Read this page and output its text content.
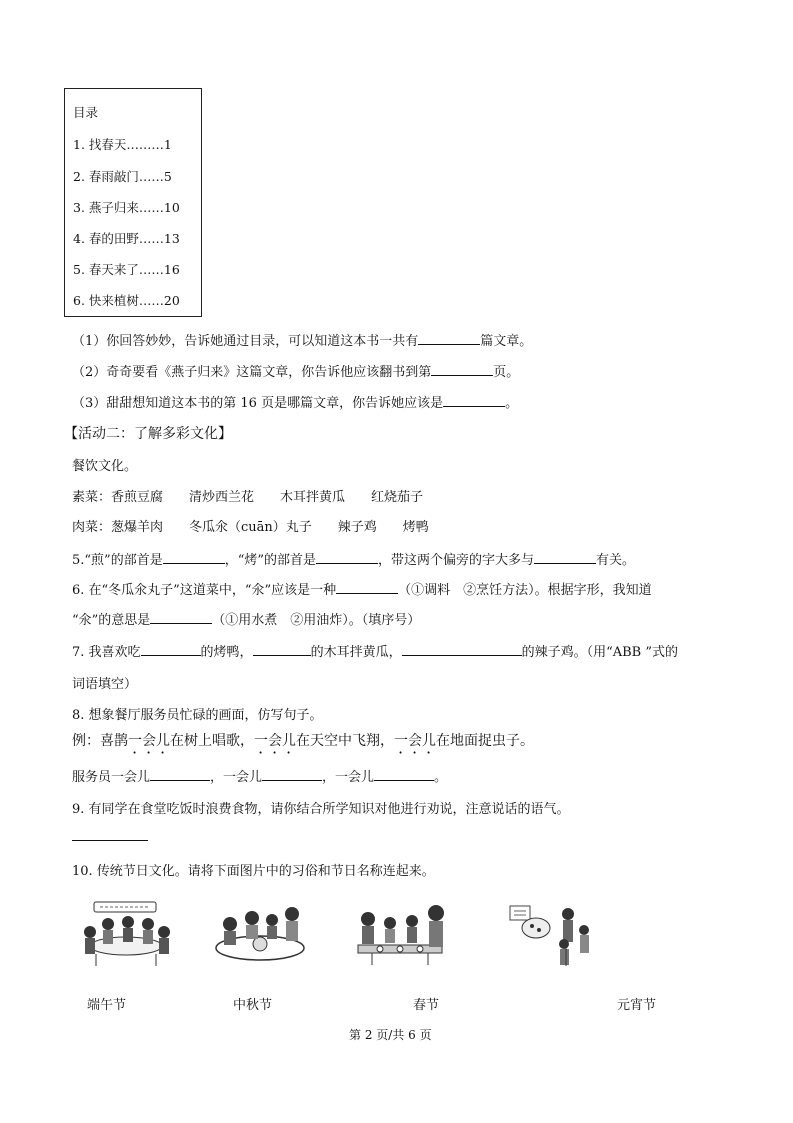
目录
1. 找春天………1
2. 春雨敲门……5
3. 燕子归来……10
4. 春的田野……13
5. 春天来了……16
6. 快来植树……20
（1）你回答妙妙，告诉她通过目录，可以知道这本书一共有	篇文章。
（2）奇奇要看《燕子归来》这篇文章，你告诉他应该翻书到第	页。
（3）甜甜想知道这本书的第 16 页是哪篇文章，你告诉她应该是	。
【活动二：了解多彩文化】
餐饮文化。
素菜：香煎豆腐　　清炒西兰花　　木耳拌黄瓜　　红烧茄子
肉菜：葱爆羊肉　　冬瓜氽（cuān）丸子　　辣子鸡　　烤鸭
5.“煎”的部首是	，“烤”的部首是	，带这两个偏旁的字大多与	有关。
6. 在“冬瓜氽丸子”这道菜中，“氽”应该是一种	（①调料　②烹饪方法）。根据字形，我知道
“氽”的意思是	（①用水煮　②用油炸）。（填序号）
7. 我喜欢吃	的烤鸭，	的木耳拌黄瓜，	的辣子鸡。（用“ABB ”式的
词语填空）
8. 想象餐厅服务员忙碌的画面，仿写句子。
例：喜鹊一会儿在树上唱歌，一会儿在天空中飞翔，一会儿在地面捉虫子。
服务员一会儿	，一会儿	，一会儿	。
9. 有同学在食堂吃饭时浪费食物，请你结合所学知识对他进行劝说，注意说话的语气。
10. 传统节日文化。请将下面图片中的习俗和节日名称连起来。
端午节	中秋节	春节	元宵节
第 2 页/共 6 页
